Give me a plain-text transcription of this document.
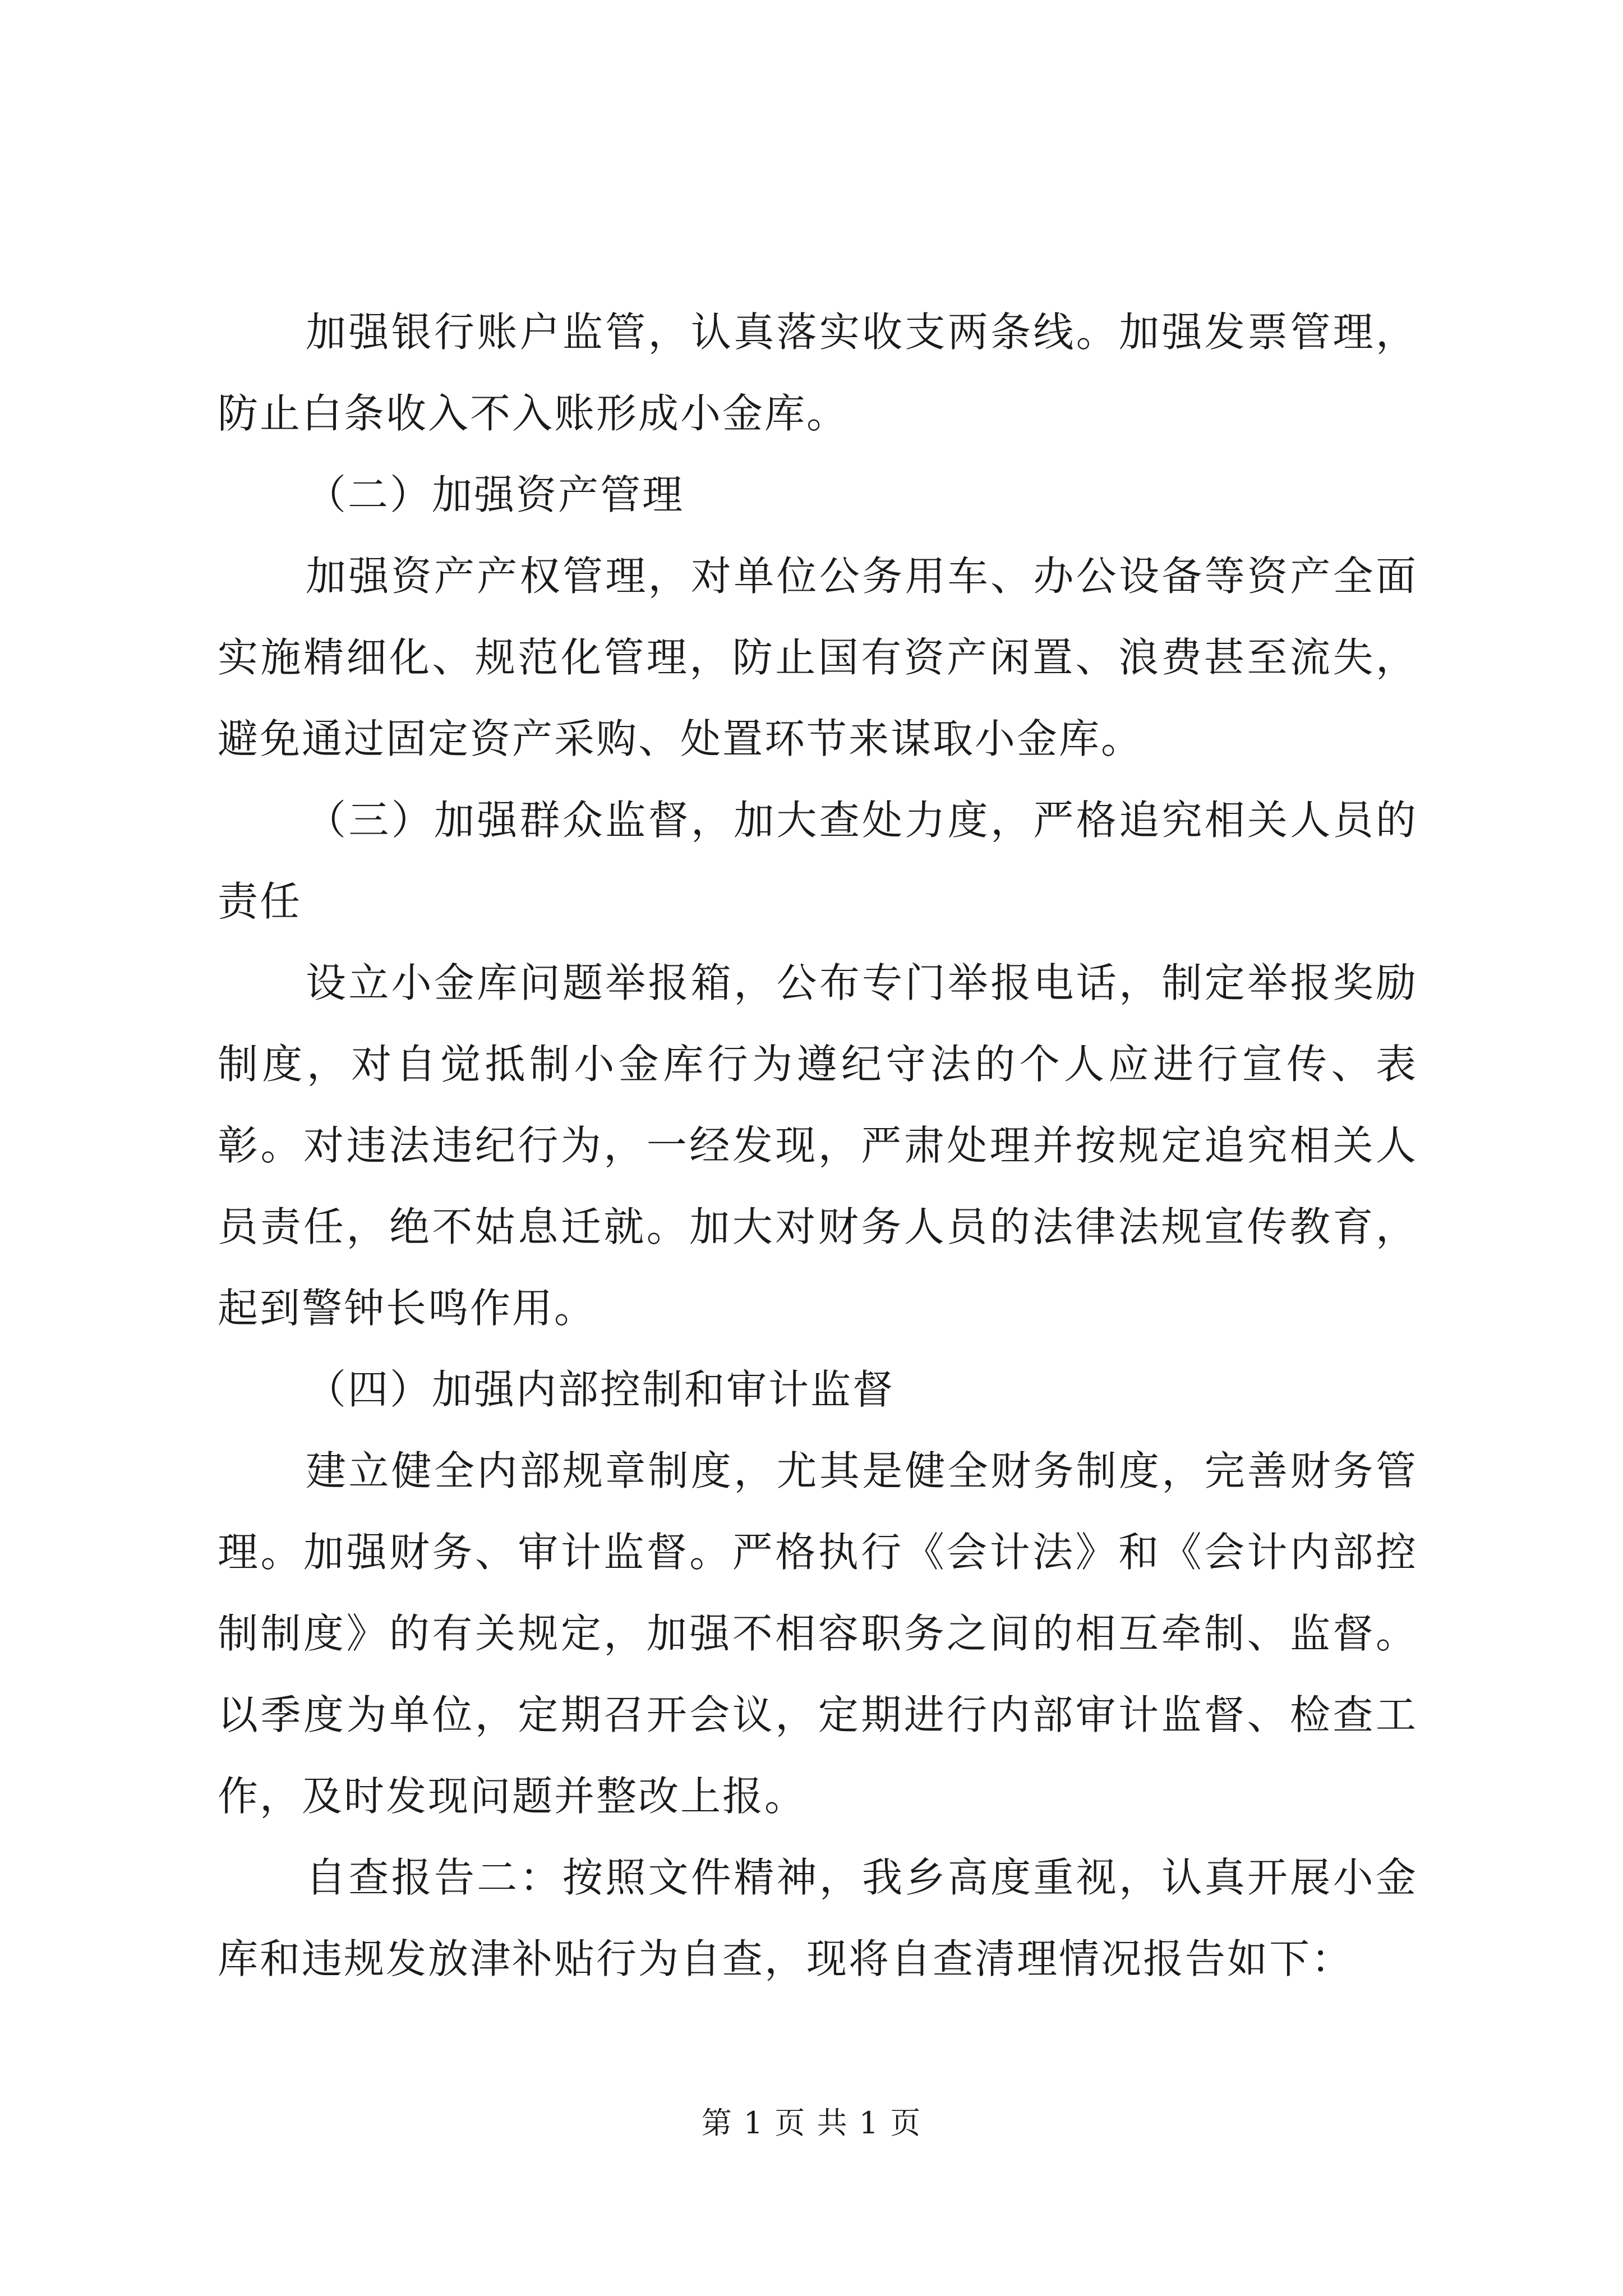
加强银行账户监管，认真落实收支两条线。加强发票管理，防止白条收入不入账形成小金库。

（二）加强资产管理

加强资产产权管理，对单位公务用车、办公设备等资产全面实施精细化、规范化管理，防止国有资产闲置、浪费甚至流失，避免通过固定资产采购、处置环节来谋取小金库。

（三）加强群众监督，加大查处力度，严格追究相关人员的责任

设立小金库问题举报箱，公布专门举报电话，制定举报奖励制度，对自觉抵制小金库行为遵纪守法的个人应进行宣传、表彰。对违法违纪行为，一经发现，严肃处理并按规定追究相关人员责任，绝不姑息迁就。加大对财务人员的法律法规宣传教育，起到警钟长鸣作用。

（四）加强内部控制和审计监督

建立健全内部规章制度，尤其是健全财务制度，完善财务管理。加强财务、审计监督。严格执行《会计法》和《会计内部控制制度》的有关规定，加强不相容职务之间的相互牵制、监督。以季度为单位，定期召开会议，定期进行内部审计监督、检查工作，及时发现问题并整改上报。

自查报告二：按照文件精神，我乡高度重视，认真开展小金库和违规发放津补贴行为自查，现将自查清理情况报告如下：

第 1 页 共 1 页
